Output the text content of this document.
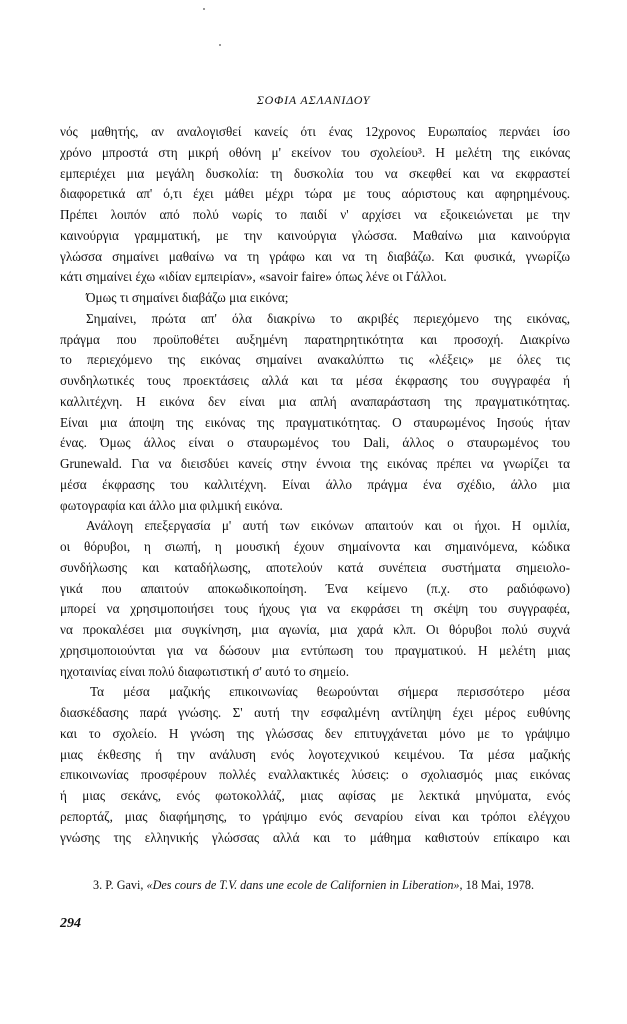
ΣΟΦΙΑ ΑΣΛΑΝΙΔΟΥ
νός μαθητής, αν αναλογισθεί κανείς ότι ένας 12χρονος Ευρωπαίος περνάει ίσο
χρόνο μπροστά στη μικρή οθόνη μ' εκείνον του σχολείου³. Η μελέτη της εικόνας
εμπεριέχει μια μεγάλη δυσκολία: τη δυσκολία του να σκεφθεί και να εκφραστεί
διαφορετικά απ' ό,τι έχει μάθει μέχρι τώρα με τους αόριστους και αφηρημένους.
Πρέπει λοιπόν από πολύ νωρίς το παιδί ν' αρχίσει να εξοικειώνεται με την
καινούργια γραμματική, με την καινούργια γλώσσα. Μαθαίνω μια καινούργια
γλώσσα σημαίνει μαθαίνω να τη γράφω και να τη διαβάζω. Και φυσικά, γνωρίζω
κάτι σημαίνει έχω «ιδίαν εμπειρίαν», «savoir faire» όπως λένε οι Γάλλοι.
Όμως τι σημαίνει διαβάζω μια εικόνα;
Σημαίνει, πρώτα απ' όλα διακρίνω το ακριβές περιεχόμενο της εικόνας,
πράγμα που προϋποθέτει αυξημένη παρατηρητικότητα και προσοχή. Διακρίνω
το περιεχόμενο της εικόνας σημαίνει ανακαλύπτω τις «λέξεις» με όλες τις
συνδηλωτικές τους προεκτάσεις αλλά και τα μέσα έκφρασης του συγγραφέα ή
καλλιτέχνη. Η εικόνα δεν είναι μια απλή αναπαράσταση της πραγματικότητας.
Είναι μια άποψη της εικόνας της πραγματικότητας. Ο σταυρωμένος Ιησούς ήταν
ένας. Όμως άλλος είναι ο σταυρωμένος του Dali, άλλος ο σταυρωμένος του
Grunewald. Για να διεισδύει κανείς στην έννοια της εικόνας πρέπει να γνωρίζει τα
μέσα έκφρασης του καλλιτέχνη. Είναι άλλο πράγμα ένα σχέδιο, άλλο μια
φωτογραφία και άλλο μια φιλμική εικόνα.
Ανάλογη επεξεργασία μ' αυτή των εικόνων απαιτούν και οι ήχοι. Η ομιλία,
οι θόρυβοι, η σιωπή, η μουσική έχουν σημαίνοντα και σημαινόμενα, κώδικα
συνδήλωσης και καταδήλωσης, αποτελούν κατά συνέπεια συστήματα σημειολο-
γικά που απαιτούν αποκωδικοποίηση. Ένα κείμενο (π.χ. στο ραδιόφωνο)
μπορεί να χρησιμοποιήσει τους ήχους για να εκφράσει τη σκέψη του συγγραφέα,
να προκαλέσει μια συγκίνηση, μια αγωνία, μια χαρά κλπ. Οι θόρυβοι πολύ συχνά
χρησιμοποιούνται για να δώσουν μια εντύπωση του πραγματικού. Η μελέτη μιας
ηχοταινίας είναι πολύ διαφωτιστική σ' αυτό το σημείο.
Τα μέσα μαζικής επικοινωνίας θεωρούνται σήμερα περισσότερο μέσα
διασκέδασης παρά γνώσης. Σ' αυτή την εσφαλμένη αντίληψη έχει μέρος ευθύνης
και το σχολείο. Η γνώση της γλώσσας δεν επιτυγχάνεται μόνο με το γράψιμο
μιας έκθεσης ή την ανάλυση ενός λογοτεχνικού κειμένου. Τα μέσα μαζικής
επικοινωνίας προσφέρουν πολλές εναλλακτικές λύσεις: ο σχολιασμός μιας εικόνας
ή μιας σεκάνς, ενός φωτοκολλάζ, μιας αφίσας με λεκτικά μηνύματα, ενός
ρεπορτάζ, μιας διαφήμησης, το γράψιμο ενός σεναρίου είναι και τρόποι ελέγχου
γνώσης της ελληνικής γλώσσας αλλά και το μάθημα καθιστούν επίκαιρο και
3. P. Gavi, «Des cours de T.V. dans une ecole de Californien in Liberation», 18 Mai, 1978.
294
